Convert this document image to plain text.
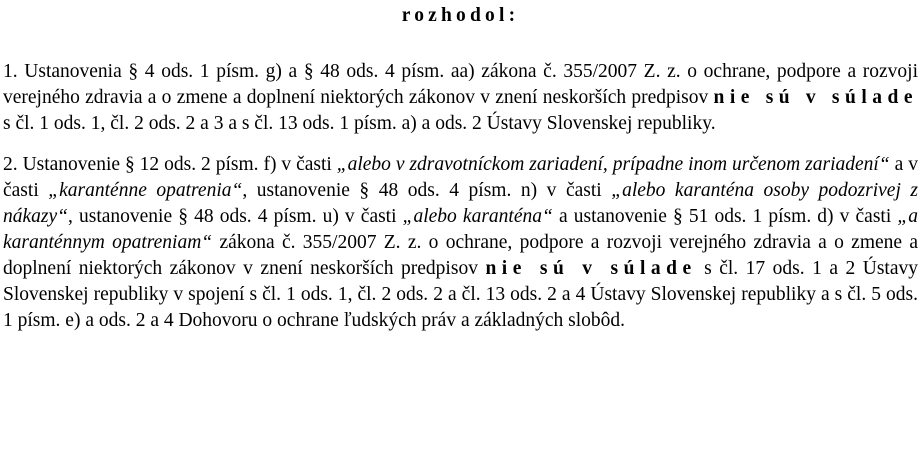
rozhodol:

1. Ustanovenia § 4 ods. 1 písm. g) a § 48 ods. 4 písm. aa) zákona č. 355/2007 Z. z. o ochrane, podpore a rozvoji verejného zdravia a o zmene a doplnení niektorých zákonov v znení neskorších predpisov nie sú v súlade s čl. 1 ods. 1, čl. 2 ods. 2 a 3 a s čl. 13 ods. 1 písm. a) a ods. 2 Ústavy Slovenskej republiky.

2. Ustanovenie § 12 ods. 2 písm. f) v časti „alebo v zdravotníckom zariadení, prípadne inom určenom zariadení“ a v časti „karanténne opatrenia“, ustanovenie § 48 ods. 4 písm. n) v časti „alebo karanténa osoby podozrivej z nákazy“, ustanovenie § 48 ods. 4 písm. u) v časti „alebo karanténa“ a ustanovenie § 51 ods. 1 písm. d) v časti „a karanténnym opatreniam“ zákona č. 355/2007 Z. z. o ochrane, podpore a rozvoji verejného zdravia a o zmene a doplnení niektorých zákonov v znení neskorších predpisov nie sú v súlade s čl. 17 ods. 1 a 2 Ústavy Slovenskej republiky v spojení s čl. 1 ods. 1, čl. 2 ods. 2 a čl. 13 ods. 2 a 4 Ústavy Slovenskej republiky a s čl. 5 ods. 1 písm. e) a ods. 2 a 4 Dohovoru o ochrane ľudských práv a základných slobôd.
